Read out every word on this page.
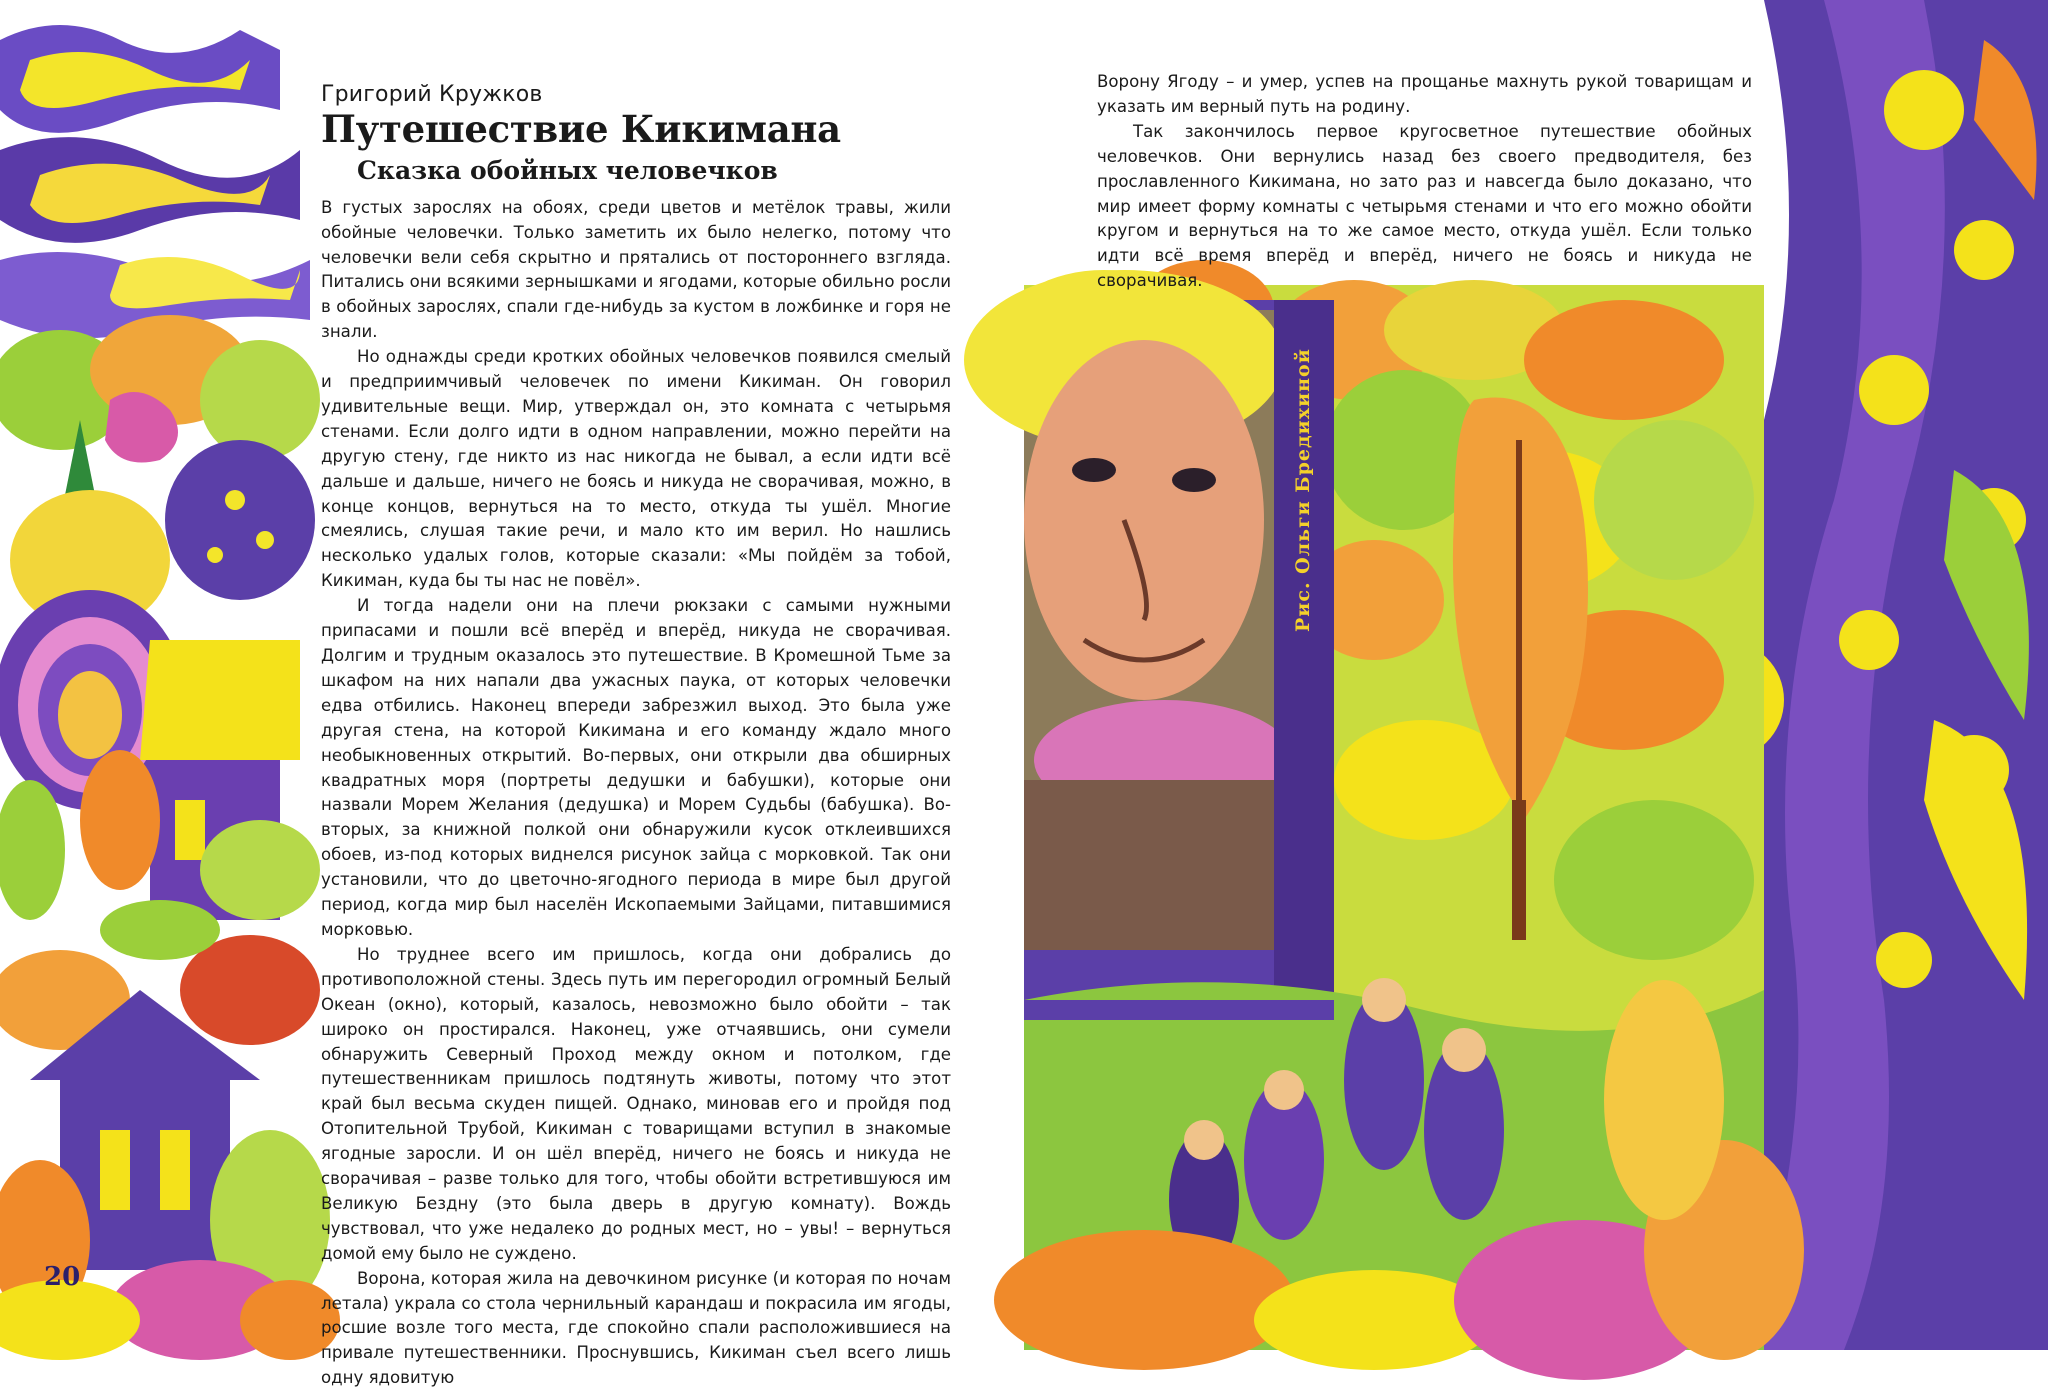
20

Григорий Кружков

Путешествие Кикимана
Сказка обойных человечков

В густых зарослях на обоях, среди цветов и метёлок травы, жили обойные человечки. Только заметить их было нелегко, потому что человечки вели себя скрытно и прятались от постороннего взгляда. Питались они всякими зернышками и ягодами, которые обильно росли в обойных зарослях, спали где-нибудь за кустом в ложбинке и горя не знали.

Но однажды среди кротких обойных человечков появился смелый и предприимчивый человечек по имени Кикиман. Он говорил удивительные вещи. Мир, утверждал он, это комната с четырьмя стенами. Если долго идти в одном направлении, можно перейти на другую стену, где никто из нас никогда не бывал, а если идти всё дальше и дальше, ничего не боясь и никуда не сворачивая, можно, в конце концов, вернуться на то место, откуда ты ушёл. Многие смеялись, слушая такие речи, и мало кто им верил. Но нашлись несколько удалых голов, которые сказали: «Мы пойдём за тобой, Кикиман, куда бы ты нас не повёл».

И тогда надели они на плечи рюкзаки с самыми нужными припасами и пошли всё вперёд и вперёд, никуда не сворачивая. Долгим и трудным оказалось это путешествие. В Кромешной Тьме за шкафом на них напали два ужасных паука, от которых человечки едва отбились. Наконец впереди забрезжил выход. Это была уже другая стена, на которой Кикимана и его команду ждало много необыкновенных открытий. Во-первых, они открыли два обширных квадратных моря (портреты дедушки и бабушки), которые они назвали Морем Желания (дедушка) и Морем Судьбы (бабушка). Во-вторых, за книжной полкой они обнаружили кусок отклеившихся обоев, из-под которых виднелся рисунок зайца с морковкой. Так они установили, что до цветочно-ягодного периода в мире был другой период, когда мир был населён Ископаемыми Зайцами, питавшимися морковью.

Но труднее всего им пришлось, когда они добрались до противоположной стены. Здесь путь им перегородил огромный Белый Океан (окно), который, казалось, невозможно было обойти – так широко он простирался. Наконец, уже отчаявшись, они сумели обнаружить Северный Проход между окном и потолком, где путешественникам пришлось подтянуть животы, потому что этот край был весьма скуден пищей. Однако, миновав его и пройдя под Отопительной Трубой, Кикиман с товарищами вступил в знакомые ягодные заросли. И он шёл вперёд, ничего не боясь и никуда не сворачивая – разве только для того, чтобы обойти встретившуюся им Великую Бездну (это была дверь в другую комнату). Вождь чувствовал, что уже недалеко до родных мест, но – увы! – вернуться домой ему было не суждено.

Ворона, которая жила на девочкином рисунке (и которая по ночам летала) украла со стола чернильный карандаш и покрасила им ягоды, росшие возле того места, где спокойно спали расположившиеся на привале путешественники. Проснувшись, Кикиман съел всего лишь одну ядовитую

Рис. Ольги Бредихиной

Ворону Ягоду – и умер, успев на прощанье махнуть рукой товарищам и указать им верный путь на родину.

Так закончилось первое кругосветное путешествие обойных человечков. Они вернулись назад без своего предводителя, без прославленного Кикимана, но зато раз и навсегда было доказано, что мир имеет форму комнаты с четырьмя стенами и что его можно обойти кругом и вернуться на то же самое место, откуда ушёл. Если только идти всё время вперёд и вперёд, ничего не боясь и никуда не сворачивая.
